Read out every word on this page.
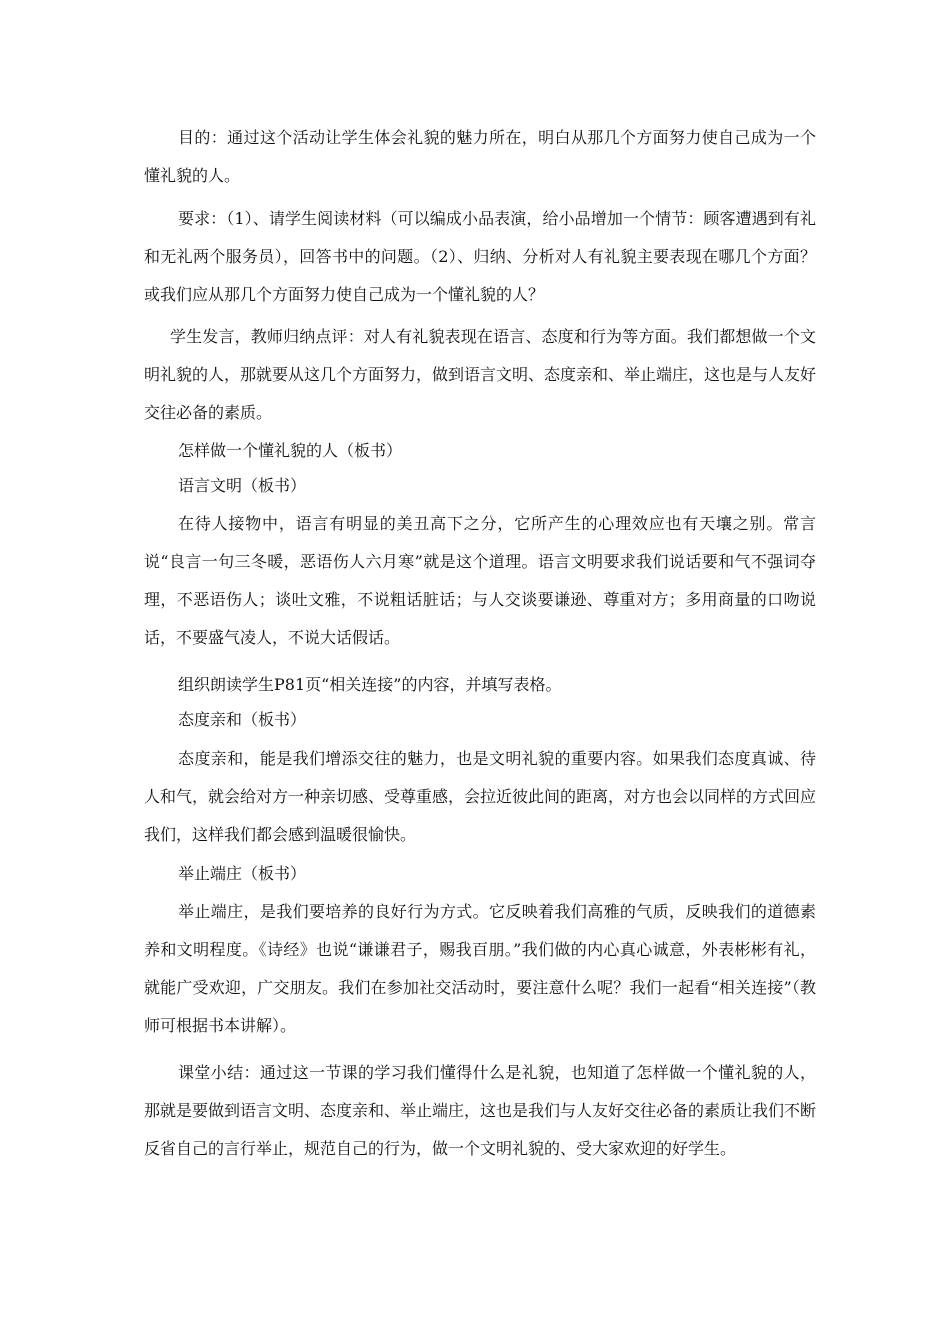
目的：通过这个活动让学生体会礼貌的魅力所在，明白从那几个方面努力使自己成为一个懂礼貌的人。

要求：（1）、请学生阅读材料（可以编成小品表演，给小品增加一个情节：顾客遭遇到有礼和无礼两个服务员），回答书中的问题。（2）、归纳、分析对人有礼貌主要表现在哪几个方面？或我们应从那几个方面努力使自己成为一个懂礼貌的人？

学生发言，教师归纳点评：对人有礼貌表现在语言、态度和行为等方面。我们都想做一个文明礼貌的人，那就要从这几个方面努力，做到语言文明、态度亲和、举止端庄，这也是与人友好交往必备的素质。

怎样做一个懂礼貌的人（板书）

语言文明（板书）

在待人接物中，语言有明显的美丑高下之分，它所产生的心理效应也有天壤之别。常言说“良言一句三冬暖，恶语伤人六月寒”就是这个道理。语言文明要求我们说话要和气不强词夺理，不恶语伤人；谈吐文雅，不说粗话脏话；与人交谈要谦逊、尊重对方；多用商量的口吻说话，不要盛气凌人，不说大话假话。

组织朗读学生P81页“相关连接”的内容，并填写表格。

态度亲和（板书）

态度亲和，能是我们增添交往的魅力，也是文明礼貌的重要内容。如果我们态度真诚、待人和气，就会给对方一种亲切感、受尊重感，会拉近彼此间的距离，对方也会以同样的方式回应我们，这样我们都会感到温暖很愉快。

举止端庄（板书）

举止端庄，是我们要培养的良好行为方式。它反映着我们高雅的气质，反映我们的道德素养和文明程度。《诗经》也说“谦谦君子，赐我百朋。”我们做的内心真心诚意，外表彬彬有礼，就能广受欢迎，广交朋友。我们在参加社交活动时，要注意什么呢？我们一起看“相关连接”（教师可根据书本讲解）。

课堂小结：通过这一节课的学习我们懂得什么是礼貌，也知道了怎样做一个懂礼貌的人，那就是要做到语言文明、态度亲和、举止端庄，这也是我们与人友好交往必备的素质让我们不断反省自己的言行举止，规范自己的行为，做一个文明礼貌的、受大家欢迎的好学生。
